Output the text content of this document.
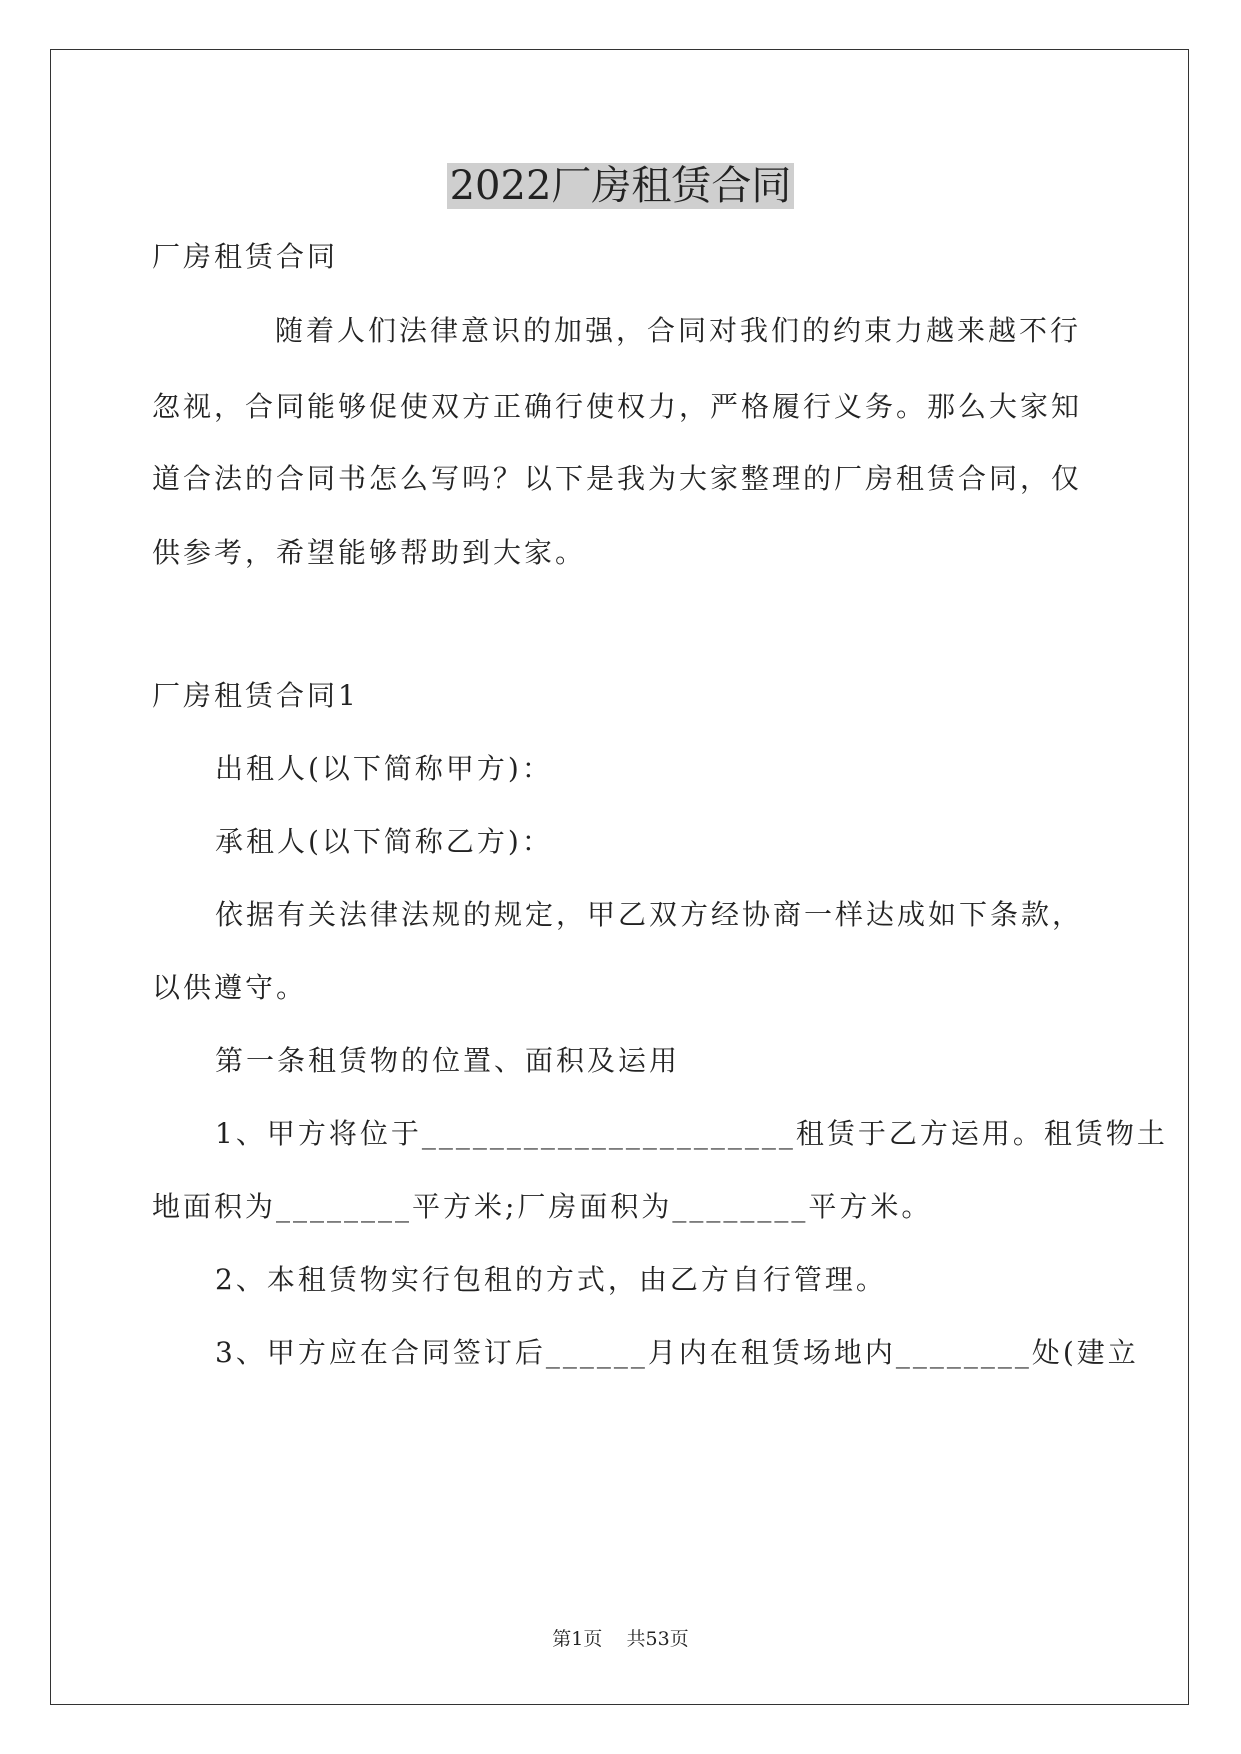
2022厂房租赁合同

厂房租赁合同

随着人们法律意识的加强，合同对我们的约束力越来越不行

忽视，合同能够促使双方正确行使权力，严格履行义务。那么大家知

道合法的合同书怎么写吗？以下是我为大家整理的厂房租赁合同，仅

供参考，希望能够帮助到大家。

厂房租赁合同1

出租人(以下简称甲方)：

承租人(以下简称乙方)：

依据有关法律法规的规定，甲乙双方经协商一样达成如下条款，

以供遵守。

第一条租赁物的位置、面积及运用

1、甲方将位于______________________租赁于乙方运用。租赁物土

地面积为________平方米;厂房面积为________平方米。

2、本租赁物实行包租的方式，由乙方自行管理。

3、甲方应在合同签订后______月内在租赁场地内________处(建立

第1页 共53页
